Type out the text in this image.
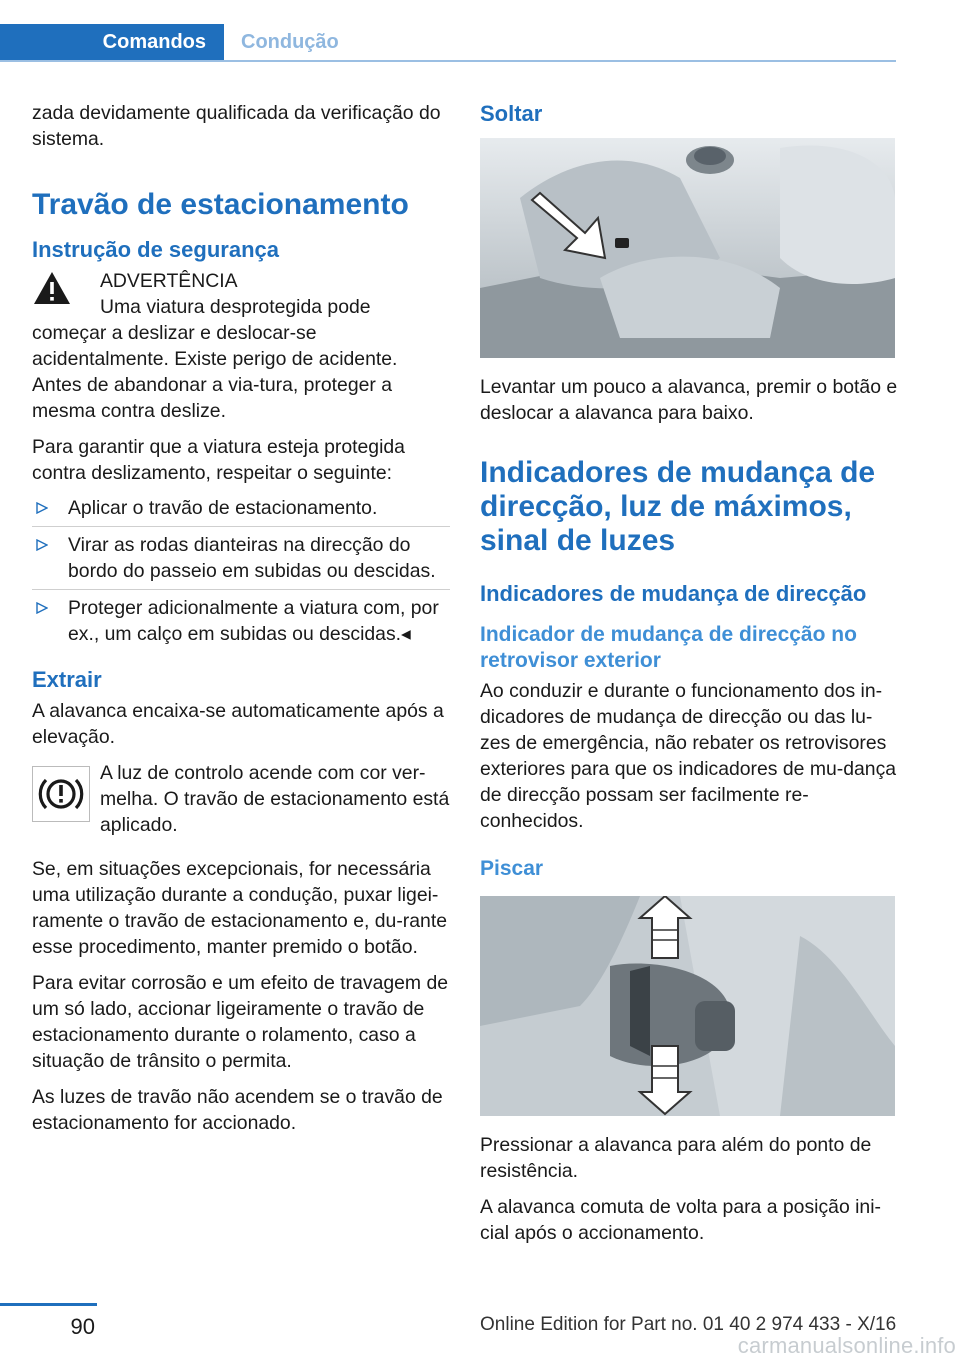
Comandos	Condução

zada devidamente qualificada da verificação do sistema.

Travão de estacionamento
Instrução de segurança

ADVERTÊNCIA

Uma viatura desprotegida pode começar a deslizar e deslocar-se acidentalmente. Existe perigo de acidente. Antes de abandonar a via-tura, proteger a mesma contra deslize.

Para garantir que a viatura esteja protegida contra deslizamento, respeitar o seguinte:

Aplicar o travão de estacionamento.
Virar as rodas dianteiras na direcção do bordo do passeio em subidas ou descidas.
Proteger adicionalmente a viatura com, por ex., um calço em subidas ou descidas.◂
Extrair

A alavanca encaixa-se automaticamente após a elevação.

A luz de controlo acende com cor ver-melha. O travão de estacionamento está aplicado.

Se, em situações excepcionais, for necessária uma utilização durante a condução, puxar ligei-ramente o travão de estacionamento e, du-rante esse procedimento, manter premido o botão.

Para evitar corrosão e um efeito de travagem de um só lado, accionar ligeiramente o travão de estacionamento durante o rolamento, caso a situação de trânsito o permita.

As luzes de travão não acendem se o travão de estacionamento for accionado.

Soltar

Levantar um pouco a alavanca, premir o botão e deslocar a alavanca para baixo.

Indicadores de mudança de direcção, luz de máximos, sinal de luzes
Indicadores de mudança de direcção
Indicador de mudança de direcção no retrovisor exterior

Ao conduzir e durante o funcionamento dos in-dicadores de mudança de direcção ou das lu-zes de emergência, não rebater os retrovisores exteriores para que os indicadores de mu-dança de direcção possam ser facilmente re-conhecidos.

Piscar

Pressionar a alavanca para além do ponto de resistência.

A alavanca comuta de volta para a posição ini-cial após o accionamento.

90	Online Edition for Part no. 01 40 2 974 433 - X/16
carmanualsonline.info
